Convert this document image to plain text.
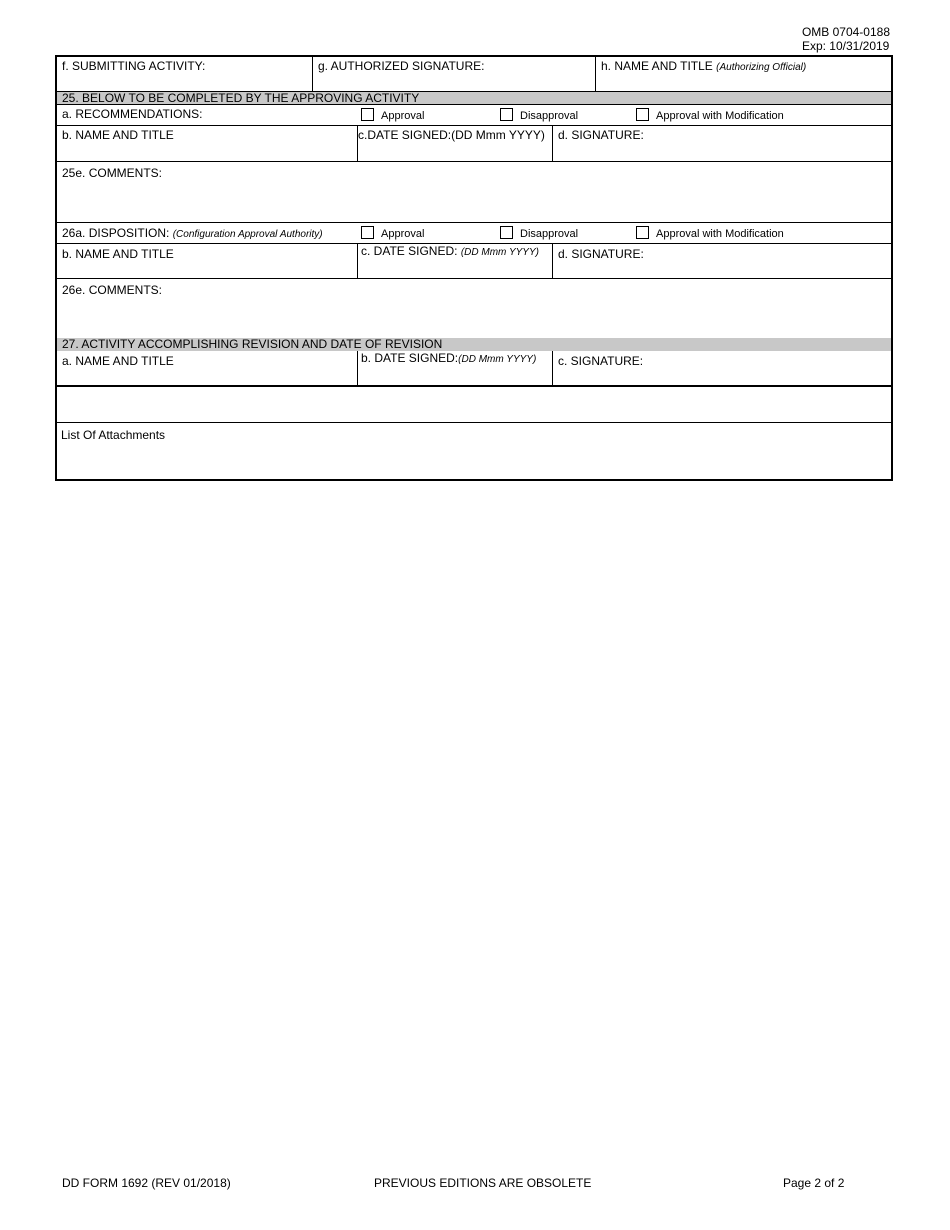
OMB 0704-0188
Exp: 10/31/2019
f. SUBMITTING ACTIVITY:	g. AUTHORIZED SIGNATURE:	h. NAME AND TITLE (Authorizing Official)
25. BELOW TO BE COMPLETED BY THE APPROVING ACTIVITY
a. RECOMMENDATIONS:	Approval	Disapproval	Approval with Modification
b. NAME AND TITLE	c.DATE SIGNED:(DD Mmm YYYY) d. SIGNATURE:
25e. COMMENTS:
26a. DISPOSITION: (Configuration Approval Authority)	Approval	Disapproval	Approval with Modification
b. NAME AND TITLE	c. DATE SIGNED: (DD Mmm YYYY) d. SIGNATURE:
26e. COMMENTS:
27. ACTIVITY ACCOMPLISHING REVISION AND DATE OF REVISION
a. NAME AND TITLE	b. DATE SIGNED:(DD Mmm YYYY) c. SIGNATURE:
List Of Attachments
DD FORM 1692 (REV 01/2018)	PREVIOUS EDITIONS ARE OBSOLETE	Page 2 of 2
